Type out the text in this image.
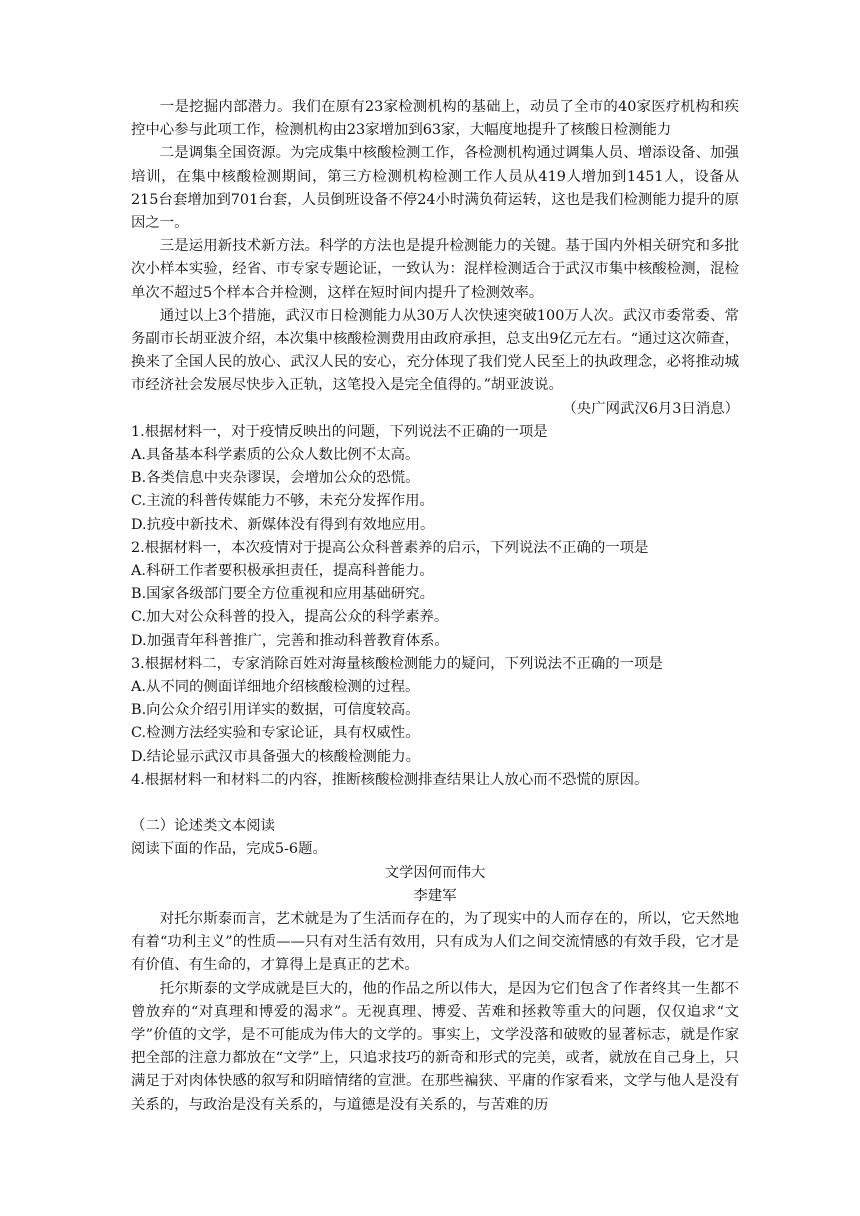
一是挖掘内部潜力。我们在原有23家检测机构的基础上，动员了全市的40家医疗机构和疾控中心参与此项工作，检测机构由23家增加到63家，大幅度地提升了核酸日检测能力

二是调集全国资源。为完成集中核酸检测工作，各检测机构通过调集人员、增添设备、加强培训，在集中核酸检测期间，第三方检测机构检测工作人员从419人增加到1451人，设备从215台套增加到701台套，人员倒班设备不停24小时满负荷运转，这也是我们检测能力提升的原因之一。

三是运用新技术新方法。科学的方法也是提升检测能力的关键。基于国内外相关研究和多批次小样本实验，经省、市专家专题论证，一致认为：混样检测适合于武汉市集中核酸检测，混检单次不超过5个样本合并检测，这样在短时间内提升了检测效率。

通过以上3个措施，武汉市日检测能力从30万人次快速突破100万人次。武汉市委常委、常务副市长胡亚波介绍，本次集中核酸检测费用由政府承担，总支出9亿元左右。“通过这次筛查，换来了全国人民的放心、武汉人民的安心，充分体现了我们党人民至上的执政理念，必将推动城市经济社会发展尽快步入正轨，这笔投入是完全值得的。”胡亚波说。

（央广网武汉6月3日消息）

1.根据材料一，对于疫情反映出的问题，下列说法不正确的一项是

A.具备基本科学素质的公众人数比例不太高。

B.各类信息中夹杂谬误，会增加公众的恐慌。

C.主流的科普传媒能力不够，未充分发挥作用。

D.抗疫中新技术、新媒体没有得到有效地应用。

2.根据材料一，本次疫情对于提高公众科普素养的启示，下列说法不正确的一项是

A.科研工作者要积极承担责任，提高科普能力。

B.国家各级部门要全方位重视和应用基础研究。

C.加大对公众科普的投入，提高公众的科学素养。

D.加强青年科普推广，完善和推动科普教育体系。

3.根据材料二，专家消除百姓对海量核酸检测能力的疑问，下列说法不正确的一项是

A.从不同的侧面详细地介绍核酸检测的过程。

B.向公众介绍引用详实的数据，可信度较高。

C.检测方法经实验和专家论证，具有权威性。

D.结论显示武汉市具备强大的核酸检测能力。

4.根据材料一和材料二的内容，推断核酸检测排查结果让人放心而不恐慌的原因。

（二）论述类文本阅读

阅读下面的作品，完成5-6题。

文学因何而伟大

李建军

对托尔斯泰而言，艺术就是为了生活而存在的，为了现实中的人而存在的，所以，它天然地有着“功利主义”的性质——只有对生活有效用，只有成为人们之间交流情感的有效手段，它才是有价值、有生命的，才算得上是真正的艺术。

托尔斯泰的文学成就是巨大的，他的作品之所以伟大，是因为它们包含了作者终其一生都不曾放弃的“对真理和博爱的渴求”。无视真理、博爱、苦难和拯救等重大的问题，仅仅追求“文学”价值的文学，是不可能成为伟大的文学的。事实上，文学没落和破败的显著标志，就是作家把全部的注意力都放在“文学”上，只追求技巧的新奇和形式的完美，或者，就放在自己身上，只满足于对肉体快感的叙写和阴暗情绪的宣泄。在那些褊狭、平庸的作家看来，文学与他人是没有关系的，与政治是没有关系的，与道德是没有关系的，与苦难的历
